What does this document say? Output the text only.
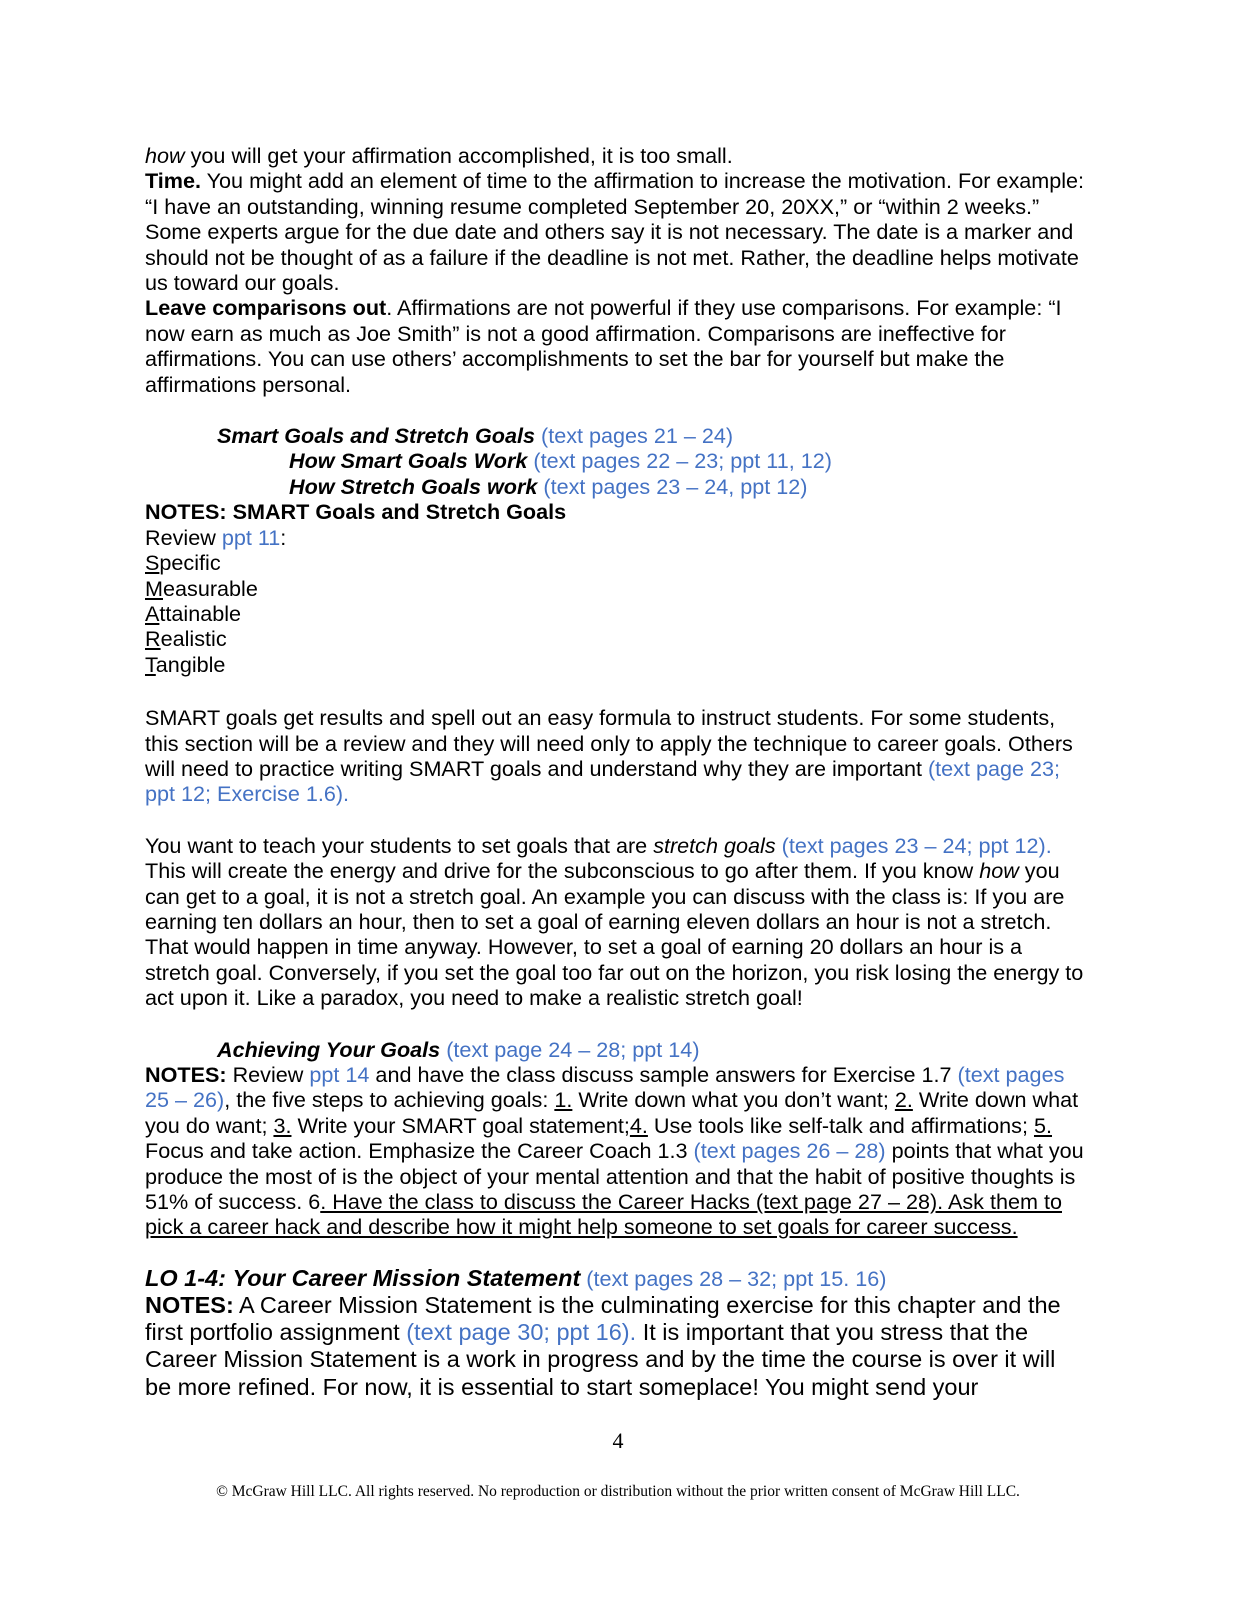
how you will get your affirmation accomplished, it is too small.

Time. You might add an element of time to the affirmation to increase the motivation. For example: “I have an outstanding, winning resume completed September 20, 20XX,” or “within 2 weeks.” Some experts argue for the due date and others say it is not necessary. The date is a marker and should not be thought of as a failure if the deadline is not met. Rather, the deadline helps motivate us toward our goals.

Leave comparisons out. Affirmations are not powerful if they use comparisons. For example: “I now earn as much as Joe Smith” is not a good affirmation. Comparisons are ineffective for affirmations. You can use others’ accomplishments to set the bar for yourself but make the affirmations personal.

Smart Goals and Stretch Goals (text pages 21 – 24)

How Smart Goals Work (text pages 22 – 23; ppt 11, 12)

How Stretch Goals work (text pages 23 – 24, ppt 12)

NOTES: SMART Goals and Stretch Goals

Review ppt 11:

Specific

Measurable

Attainable

Realistic

Tangible

SMART goals get results and spell out an easy formula to instruct students. For some students, this section will be a review and they will need only to apply the technique to career goals. Others will need to practice writing SMART goals and understand why they are important (text page 23; ppt 12; Exercise 1.6).

You want to teach your students to set goals that are stretch goals (text pages 23 – 24; ppt 12). This will create the energy and drive for the subconscious to go after them. If you know how you can get to a goal, it is not a stretch goal. An example you can discuss with the class is: If you are earning ten dollars an hour, then to set a goal of earning eleven dollars an hour is not a stretch. That would happen in time anyway. However, to set a goal of earning 20 dollars an hour is a stretch goal. Conversely, if you set the goal too far out on the horizon, you risk losing the energy to act upon it. Like a paradox, you need to make a realistic stretch goal!

Achieving Your Goals (text page 24 – 28; ppt 14)

NOTES: Review ppt 14 and have the class discuss sample answers for Exercise 1.7 (text pages 25 – 26), the five steps to achieving goals: 1. Write down what you don’t want; 2. Write down what you do want; 3. Write your SMART goal statement;4. Use tools like self-talk and affirmations; 5. Focus and take action. Emphasize the Career Coach 1.3 (text pages 26 – 28) points that what you produce the most of is the object of your mental attention and that the habit of positive thoughts is 51% of success. 6. Have the class to discuss the Career Hacks (text page 27 – 28). Ask them to pick a career hack and describe how it might help someone to set goals for career success.

LO 1-4: Your Career Mission Statement (text pages 28 – 32; ppt 15. 16)

NOTES: A Career Mission Statement is the culminating exercise for this chapter and the first portfolio assignment (text page 30; ppt 16). It is important that you stress that the Career Mission Statement is a work in progress and by the time the course is over it will be more refined. For now, it is essential to start someplace! You might send your

4
© McGraw Hill LLC. All rights reserved. No reproduction or distribution without the prior written consent of McGraw Hill LLC.
